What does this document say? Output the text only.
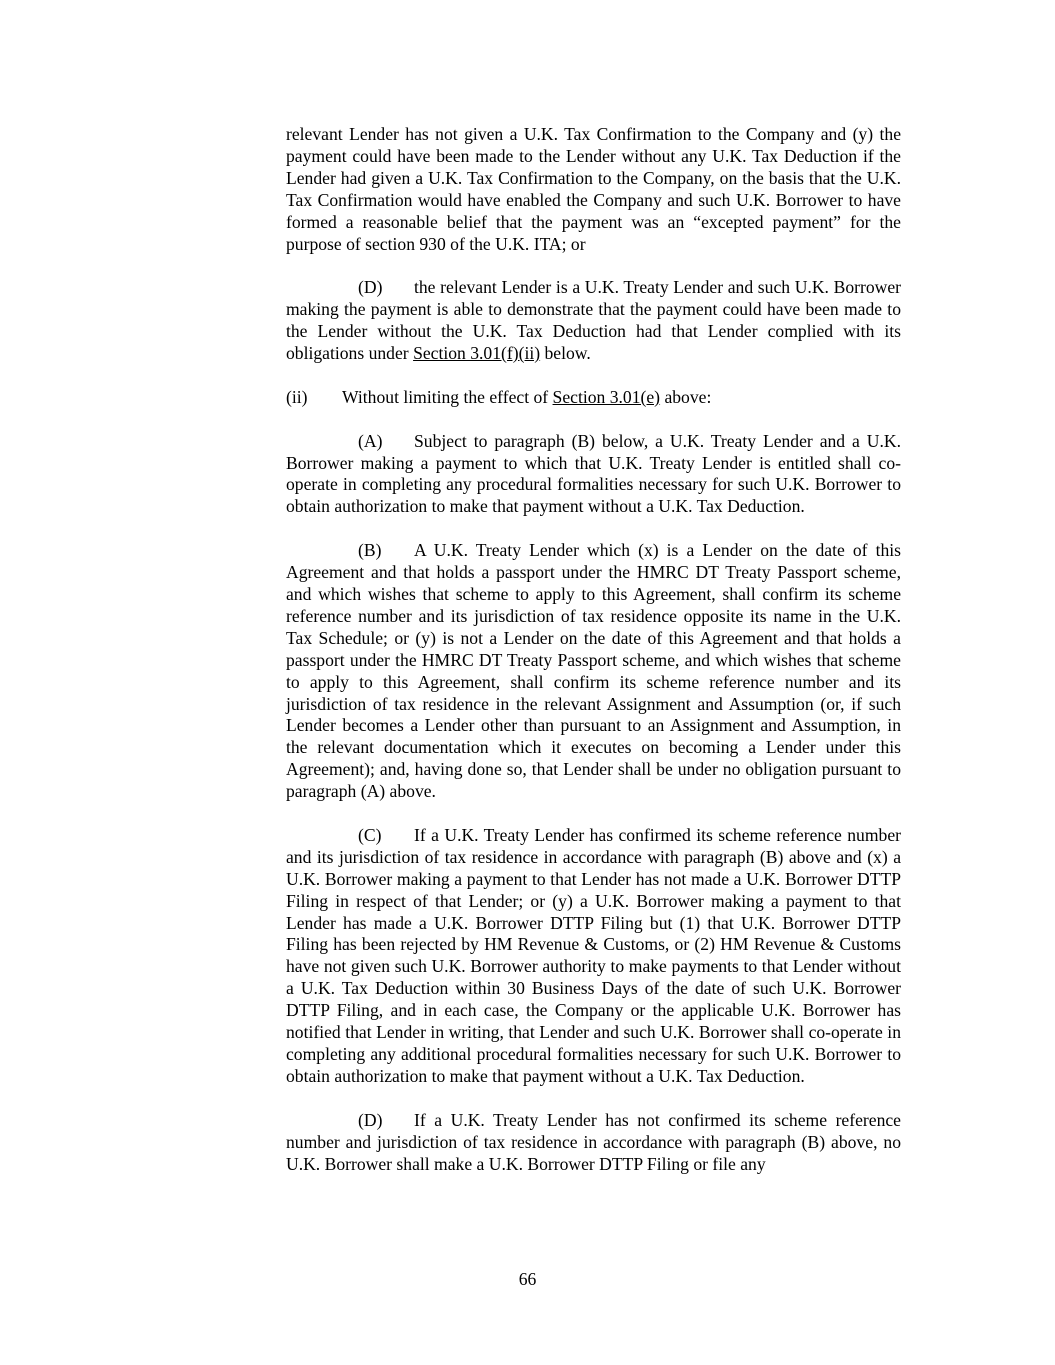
relevant Lender has not given a U.K. Tax Confirmation to the Company and (y) the payment could have been made to the Lender without any U.K. Tax Deduction if the Lender had given a U.K. Tax Confirmation to the Company, on the basis that the U.K. Tax Confirmation would have enabled the Company and such U.K. Borrower to have formed a reasonable belief that the payment was an “excepted payment” for the purpose of section 930 of the U.K. ITA; or

(D) the relevant Lender is a U.K. Treaty Lender and such U.K. Borrower making the payment is able to demonstrate that the payment could have been made to the Lender without the U.K. Tax Deduction had that Lender complied with its obligations under Section 3.01(f)(ii) below.

(ii) Without limiting the effect of Section 3.01(e) above:

(A) Subject to paragraph (B) below, a U.K. Treaty Lender and a U.K. Borrower making a payment to which that U.K. Treaty Lender is entitled shall co-operate in completing any procedural formalities necessary for such U.K. Borrower to obtain authorization to make that payment without a U.K. Tax Deduction.

(B) A U.K. Treaty Lender which (x) is a Lender on the date of this Agreement and that holds a passport under the HMRC DT Treaty Passport scheme, and which wishes that scheme to apply to this Agreement, shall confirm its scheme reference number and its jurisdiction of tax residence opposite its name in the U.K. Tax Schedule; or (y) is not a Lender on the date of this Agreement and that holds a passport under the HMRC DT Treaty Passport scheme, and which wishes that scheme to apply to this Agreement, shall confirm its scheme reference number and its jurisdiction of tax residence in the relevant Assignment and Assumption (or, if such Lender becomes a Lender other than pursuant to an Assignment and Assumption, in the relevant documentation which it executes on becoming a Lender under this Agreement); and, having done so, that Lender shall be under no obligation pursuant to paragraph (A) above.

(C) If a U.K. Treaty Lender has confirmed its scheme reference number and its jurisdiction of tax residence in accordance with paragraph (B) above and (x) a U.K. Borrower making a payment to that Lender has not made a U.K. Borrower DTTP Filing in respect of that Lender; or (y) a U.K. Borrower making a payment to that Lender has made a U.K. Borrower DTTP Filing but (1) that U.K. Borrower DTTP Filing has been rejected by HM Revenue & Customs, or (2) HM Revenue & Customs have not given such U.K. Borrower authority to make payments to that Lender without a U.K. Tax Deduction within 30 Business Days of the date of such U.K. Borrower DTTP Filing, and in each case, the Company or the applicable U.K. Borrower has notified that Lender in writing, that Lender and such U.K. Borrower shall co-operate in completing any additional procedural formalities necessary for such U.K. Borrower to obtain authorization to make that payment without a U.K. Tax Deduction.

(D) If a U.K. Treaty Lender has not confirmed its scheme reference number and jurisdiction of tax residence in accordance with paragraph (B) above, no U.K. Borrower shall make a U.K. Borrower DTTP Filing or file any

66
